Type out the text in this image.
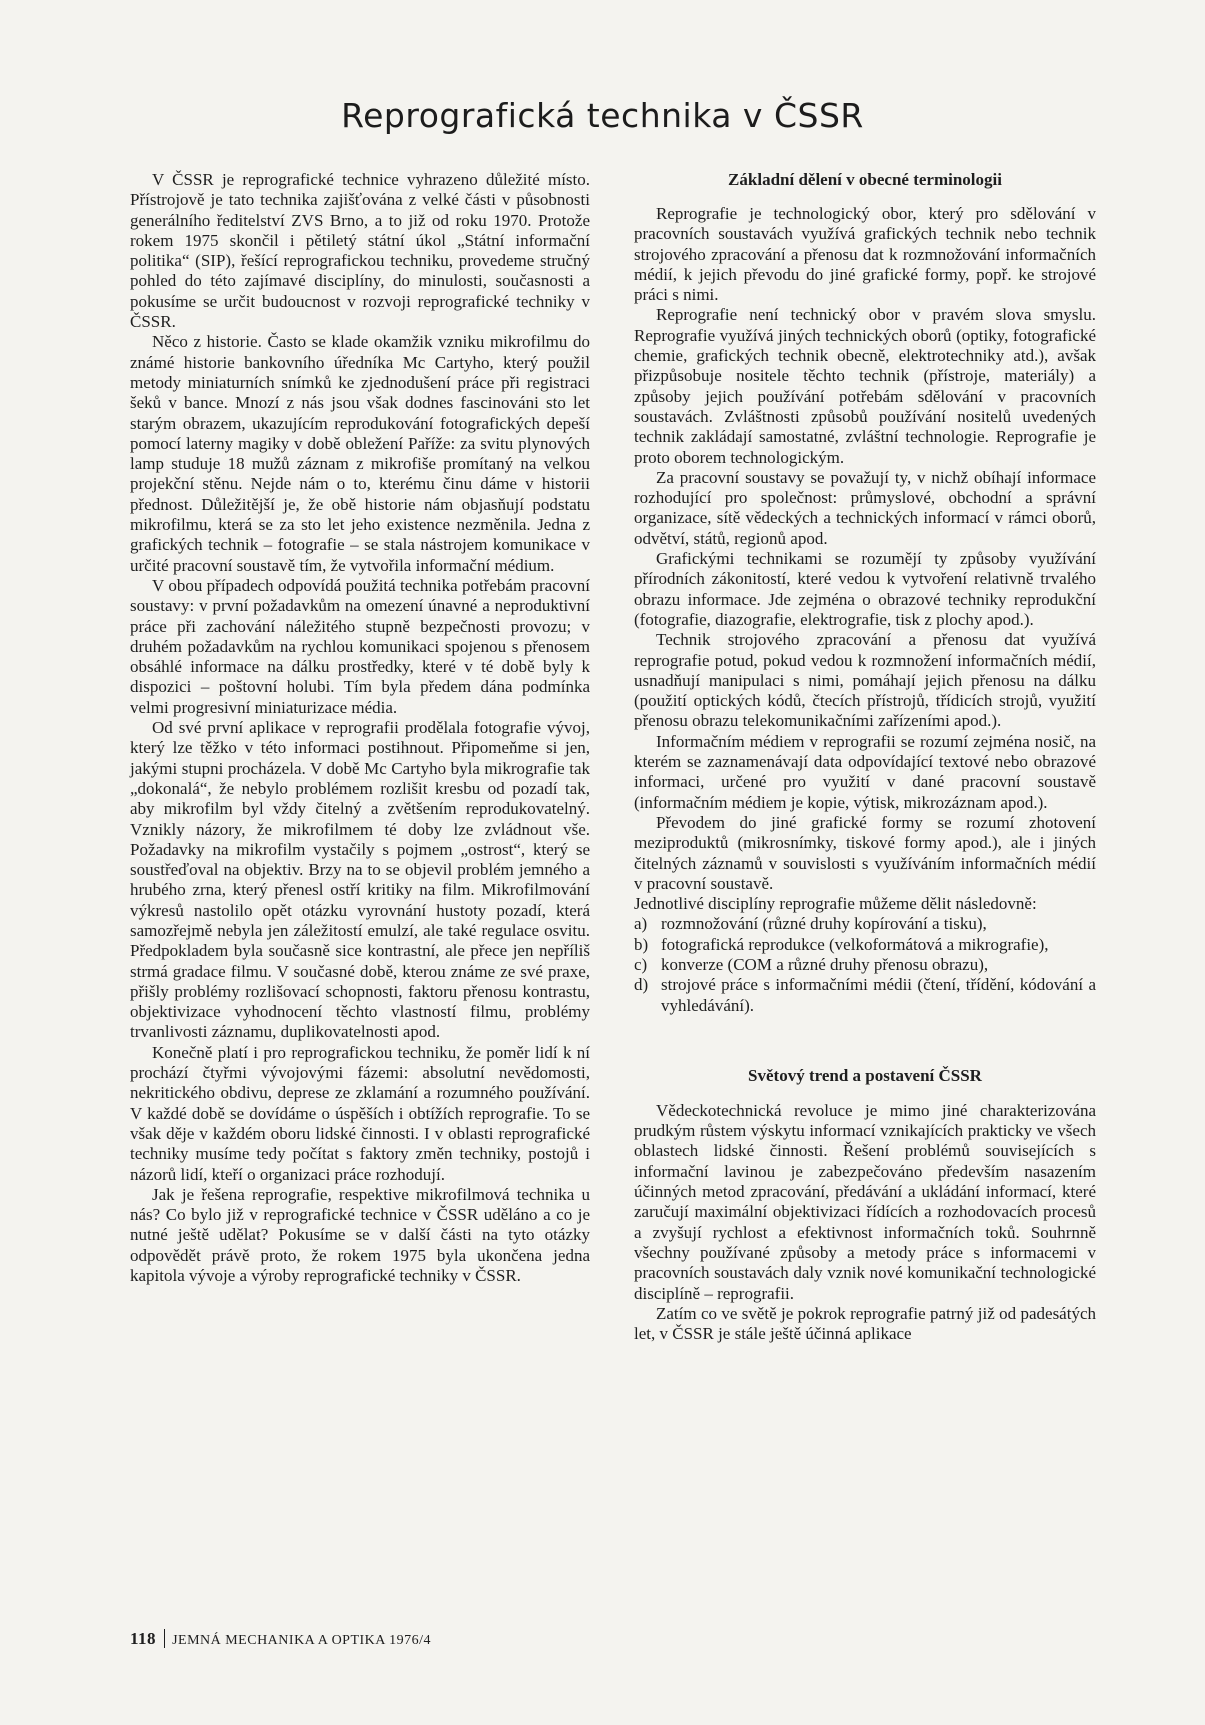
Reprografická technika v ČSSR

V ČSSR je reprografické technice vyhrazeno důležité místo. Přístrojově je tato technika zajišťována z velké části v působnosti generálního ředitelství ZVS Brno, a to již od roku 1970. Protože rokem 1975 skončil i pětiletý státní úkol „Státní informační politika“ (SIP), řešící reprografickou techniku, provedeme stručný pohled do této zajímavé disciplíny, do minulosti, současnosti a pokusíme se určit budoucnost v rozvoji reprografické techniky v ČSSR.

Něco z historie. Často se klade okamžik vzniku mikrofilmu do známé historie bankovního úředníka Mc Cartyho, který použil metody miniaturních snímků ke zjednodušení práce při registraci šeků v bance. Mnozí z nás jsou však dodnes fascinováni sto let starým obrazem, ukazujícím reprodukování fotografických depeší pomocí laterny magiky v době obležení Paříže: za svitu plynových lamp studuje 18 mužů záznam z mikrofiše promítaný na velkou projekční stěnu. Nejde nám o to, kterému činu dáme v historii přednost. Důležitější je, že obě historie nám objasňují podstatu mikrofilmu, která se za sto let jeho existence nezměnila. Jedna z grafických technik – fotografie – se stala nástrojem komunikace v určité pracovní soustavě tím, že vytvořila informační médium.

V obou případech odpovídá použitá technika potřebám pracovní soustavy: v první požadavkům na omezení únavné a neproduktivní práce při zachování náležitého stupně bezpečnosti provozu; v druhém požadavkům na rychlou komunikaci spojenou s přenosem obsáhlé informace na dálku prostředky, které v té době byly k dispozici – poštovní holubi. Tím byla předem dána podmínka velmi progresivní miniaturizace média.

Od své první aplikace v reprografii prodělala fotografie vývoj, který lze těžko v této informaci postihnout. Připomeňme si jen, jakými stupni procházela. V době Mc Cartyho byla mikrografie tak „dokonalá“, že nebylo problémem rozlišit kresbu od pozadí tak, aby mikrofilm byl vždy čitelný a zvětšením reprodukovatelný. Vznikly názory, že mikrofilmem té doby lze zvládnout vše. Požadavky na mikrofilm vystačily s pojmem „ostrost“, který se soustřeďoval na objektiv. Brzy na to se objevil problém jemného a hrubého zrna, který přenesl ostří kritiky na film. Mikrofilmování výkresů nastolilo opět otázku vyrovnání hustoty pozadí, která samozřejmě nebyla jen záležitostí emulzí, ale také regulace osvitu. Předpokladem byla současně sice kontrastní, ale přece jen nepříliš strmá gradace filmu. V současné době, kterou známe ze své praxe, přišly problémy rozlišovací schopnosti, faktoru přenosu kontrastu, objektivizace vyhodnocení těchto vlastností filmu, problémy trvanlivosti záznamu, duplikovatelnosti apod.

Konečně platí i pro reprografickou techniku, že poměr lidí k ní prochází čtyřmi vývojovými fázemi: absolutní nevědomosti, nekritického obdivu, deprese ze zklamání a rozumného používání. V každé době se dovídáme o úspěších i obtížích reprografie. To se však děje v každém oboru lidské činnosti. I v oblasti reprografické techniky musíme tedy počítat s faktory změn techniky, postojů i názorů lidí, kteří o organizaci práce rozhodují.

Jak je řešena reprografie, respektive mikrofilmová technika u nás? Co bylo již v reprografické technice v ČSSR uděláno a co je nutné ještě udělat? Pokusíme se v další části na tyto otázky odpovědět právě proto, že rokem 1975 byla ukončena jedna kapitola vývoje a výroby reprografické techniky v ČSSR.

Základní dělení v obecné terminologii

Reprografie je technologický obor, který pro sdělování v pracovních soustavách využívá grafických technik nebo technik strojového zpracování a přenosu dat k rozmnožování informačních médií, k jejich převodu do jiné grafické formy, popř. ke strojové práci s nimi.

Reprografie není technický obor v pravém slova smyslu. Reprografie využívá jiných technických oborů (optiky, fotografické chemie, grafických technik obecně, elektrotechniky atd.), avšak přizpůsobuje nositele těchto technik (přístroje, materiály) a způsoby jejich používání potřebám sdělování v pracovních soustavách. Zvláštnosti způsobů používání nositelů uvedených technik zakládají samostatné, zvláštní technologie. Reprografie je proto oborem technologickým.

Za pracovní soustavy se považují ty, v nichž obíhají informace rozhodující pro společnost: průmyslové, obchodní a správní organizace, sítě vědeckých a technických informací v rámci oborů, odvětví, států, regionů apod.

Grafickými technikami se rozumějí ty způsoby využívání přírodních zákonitostí, které vedou k vytvoření relativně trvalého obrazu informace. Jde zejména o obrazové techniky reprodukční (fotografie, diazografie, elektrografie, tisk z plochy apod.).

Technik strojového zpracování a přenosu dat využívá reprografie potud, pokud vedou k rozmnožení informačních médií, usnadňují manipulaci s nimi, pomáhají jejich přenosu na dálku (použití optických kódů, čtecích přístrojů, třídicích strojů, využití přenosu obrazu telekomunikačními zařízeními apod.).

Informačním médiem v reprografii se rozumí zejména nosič, na kterém se zaznamenávají data odpovídající textové nebo obrazové informaci, určené pro využití v dané pracovní soustavě (informačním médiem je kopie, výtisk, mikrozáznam apod.).

Převodem do jiné grafické formy se rozumí zhotovení meziproduktů (mikrosnímky, tiskové formy apod.), ale i jiných čitelných záznamů v souvislosti s využíváním informačních médií v pracovní soustavě.

Jednotlivé disciplíny reprografie můžeme dělit následovně:

a) rozmnožování (různé druhy kopírování a tisku),
b) fotografická reprodukce (velkoformátová a mikrografie),
c) konverze (COM a různé druhy přenosu obrazu),
d) strojové práce s informačními médii (čtení, třídění, kódování a vyhledávání).
Světový trend a postavení ČSSR

Vědeckotechnická revoluce je mimo jiné charakterizována prudkým růstem výskytu informací vznikajících prakticky ve všech oblastech lidské činnosti. Řešení problémů souvisejících s informační lavinou je zabezpečováno především nasazením účinných metod zpracování, předávání a ukládání informací, které zaručují maximální objektivizaci řídících a rozhodovacích procesů a zvyšují rychlost a efektivnost informačních toků. Souhrnně všechny používané způsoby a metody práce s informacemi v pracovních soustavách daly vznik nové komunikační technologické disciplíně – reprografii.

Zatím co ve světě je pokrok reprografie patrný již od padesátých let, v ČSSR je stále ještě účinná aplikace

118 JEMNÁ MECHANIKA A OPTIKA 1976/4
